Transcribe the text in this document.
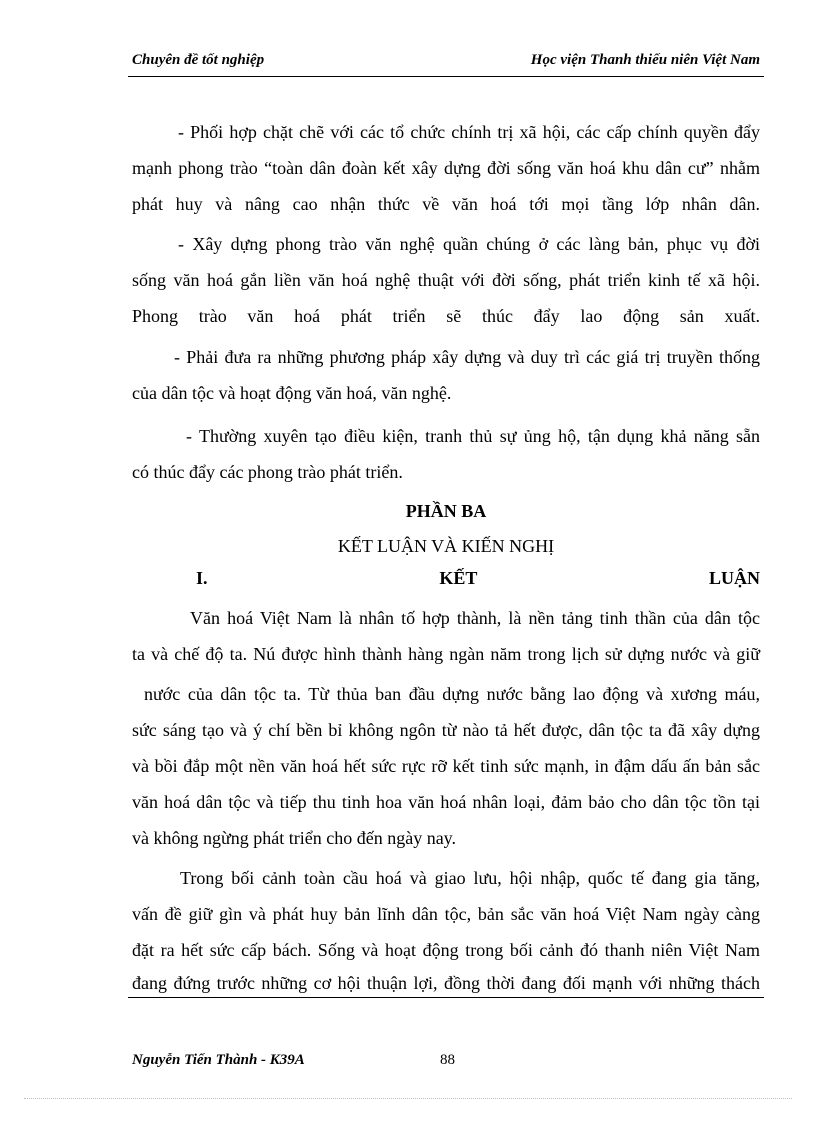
Chuyên đề tốt nghiệp	Học viện Thanh thiếu niên Việt Nam
- Phối hợp chặt chẽ với các tổ chức chính trị xã hội, các cấp chính quyền đẩy
mạnh phong trào “toàn dân đoàn kết xây dựng đời sống văn hoá khu dân cư” nhằm
phát huy và nâng cao nhận thức về văn hoá tới mọi tầng lớp nhân dân.
- Xây dựng phong trào văn nghệ quần chúng ở các làng bản, phục vụ đời
sống văn hoá gắn liền văn hoá nghệ thuật với đời sống, phát triển kinh tế xã hội.
Phong trào văn hoá phát triển sẽ thúc đẩy lao động sản xuất.
- Phải đưa ra những phương pháp xây dựng và duy trì các giá trị truyền thống
của dân tộc và hoạt động văn hoá, văn nghệ.
- Thường xuyên tạo điều kiện, tranh thủ sự ủng hộ, tận dụng khả năng sẵn
có thúc đẩy các phong trào phát triển.
PHẦN BA
KẾT LUẬN VÀ KIẾN NGHỊ
I. KẾT LUẬN
Văn hoá Việt Nam là nhân tố hợp thành, là nền tảng tinh thần của dân tộc
ta và chế độ ta. Nú được hình thành hàng ngàn năm trong lịch sử dựng nước và giữ
nước của dân tộc ta. Từ thủa ban đầu dựng nước bằng lao động và xương máu,
sức sáng tạo và ý chí bền bỉ không ngôn từ nào tả hết được, dân tộc ta đã xây dựng
và bồi đắp một nền văn hoá hết sức rực rỡ kết tinh sức mạnh, in đậm dấu ấn bản sắc
văn hoá dân tộc và tiếp thu tinh hoa văn hoá nhân loại, đảm bảo cho dân tộc tồn tại
và không ngừng phát triển cho đến ngày nay.
Trong bối cảnh toàn cầu hoá và giao lưu, hội nhập, quốc tế đang gia tăng,
vấn đề giữ gìn và phát huy bản lĩnh dân tộc, bản sắc văn hoá Việt Nam ngày càng
đặt ra hết sức cấp bách. Sống và hoạt động trong bối cảnh đó thanh niên Việt Nam
đang đứng trước những cơ hội thuận lợi, đồng thời đang đối mạnh với những thách
Nguyễn Tiến Thành - K39A	88
